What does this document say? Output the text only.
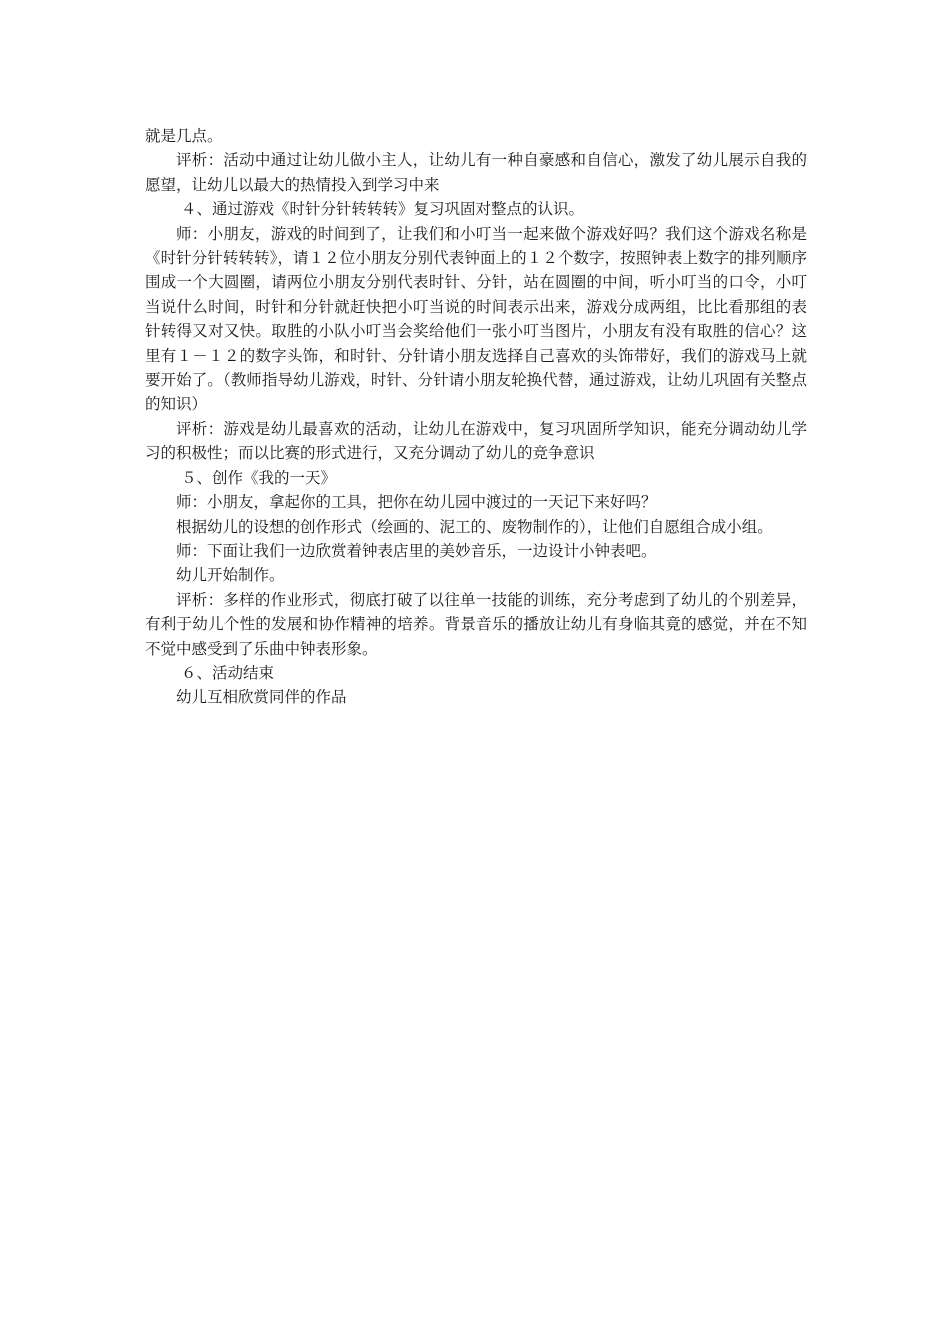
就是几点。

评析：活动中通过让幼儿做小主人，让幼儿有一种自豪感和自信心，激发了幼儿展示自我的愿望，让幼儿以最大的热情投入到学习中来

４、通过游戏《时针分针转转转》复习巩固对整点的认识。

师：小朋友，游戏的时间到了，让我们和小叮当一起来做个游戏好吗？我们这个游戏名称是《时针分针转转转》，请１２位小朋友分别代表钟面上的１２个数字，按照钟表上数字的排列顺序围成一个大圆圈，请两位小朋友分别代表时针、分针，站在圆圈的中间，听小叮当的口令，小叮当说什么时间，时针和分针就赶快把小叮当说的时间表示出来，游戏分成两组，比比看那组的表针转得又对又快。取胜的小队小叮当会奖给他们一张小叮当图片，小朋友有没有取胜的信心？这里有１－１２的数字头饰，和时针、分针请小朋友选择自己喜欢的头饰带好，我们的游戏马上就要开始了。（教师指导幼儿游戏，时针、分针请小朋友轮换代替，通过游戏，让幼儿巩固有关整点的知识）

评析：游戏是幼儿最喜欢的活动，让幼儿在游戏中，复习巩固所学知识，能充分调动幼儿学习的积极性；而以比赛的形式进行，又充分调动了幼儿的竞争意识

５、创作《我的一天》

师：小朋友，拿起你的工具，把你在幼儿园中渡过的一天记下来好吗？

根据幼儿的设想的创作形式（绘画的、泥工的、废物制作的），让他们自愿组合成小组。

师：下面让我们一边欣赏着钟表店里的美妙音乐，一边设计小钟表吧。

幼儿开始制作。

评析：多样的作业形式，彻底打破了以往单一技能的训练，充分考虑到了幼儿的个别差异，有利于幼儿个性的发展和协作精神的培养。背景音乐的播放让幼儿有身临其竟的感觉，并在不知不觉中感受到了乐曲中钟表形象。

６、活动结束

幼儿互相欣赏同伴的作品
